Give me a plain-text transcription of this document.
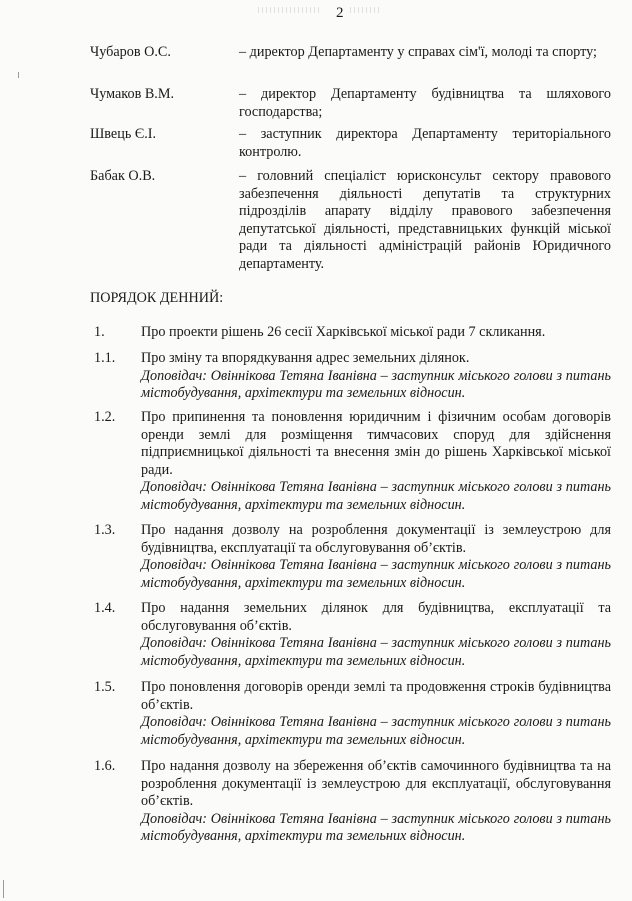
2
Чубаров О.С.	– директор Департаменту у справах сім'ї, молоді та спорту;
Чумаков В.М.	– директор Департаменту будівництва та шляхового господарства;
Швець Є.І.	– заступник директора Департаменту територіального контролю.
Бабак О.В.	– головний спеціаліст юрисконсульт сектору правового забезпечення діяльності депутатів та структурних підрозділів апарату відділу правового забезпечення депутатської діяльності, представницьких функцій міської ради та діяльності адміністрацій районів Юридичного департаменту.
ПОРЯДОК ДЕННИЙ:
1.	Про проекти рішень 26 сесії Харківської міської ради 7 скликання.
1.1. Про зміну та впорядкування адрес земельних ділянок.
Доповідач: Овіннікова Тетяна Іванівна – заступник міського голови з питань містобудування, архітектури та земельних відносин.
1.2. Про припинення та поновлення юридичним і фізичним особам договорів оренди землі для розміщення тимчасових споруд для здійснення підприємницької діяльності та внесення змін до рішень Харківської міської ради.
Доповідач: Овіннікова Тетяна Іванівна – заступник міського голови з питань містобудування, архітектури та земельних відносин.
1.3. Про надання дозволу на розроблення документації із землеустрою для будівництва, експлуатації та обслуговування об’єктів.
Доповідач: Овіннікова Тетяна Іванівна – заступник міського голови з питань містобудування, архітектури та земельних відносин.
1.4. Про надання земельних ділянок для будівництва, експлуатації та обслуговування об’єктів.
Доповідач: Овіннікова Тетяна Іванівна – заступник міського голови з питань містобудування, архітектури та земельних відносин.
1.5. Про поновлення договорів оренди землі та продовження строків будівництва об’єктів.
Доповідач: Овіннікова Тетяна Іванівна – заступник міського голови з питань містобудування, архітектури та земельних відносин.
1.6. Про надання дозволу на збереження об’єктів самочинного будівництва та на розроблення документації із землеустрою для експлуатації, обслуговування об’єктів.
Доповідач: Овіннікова Тетяна Іванівна – заступник міського голови з питань містобудування, архітектури та земельних відносин.
